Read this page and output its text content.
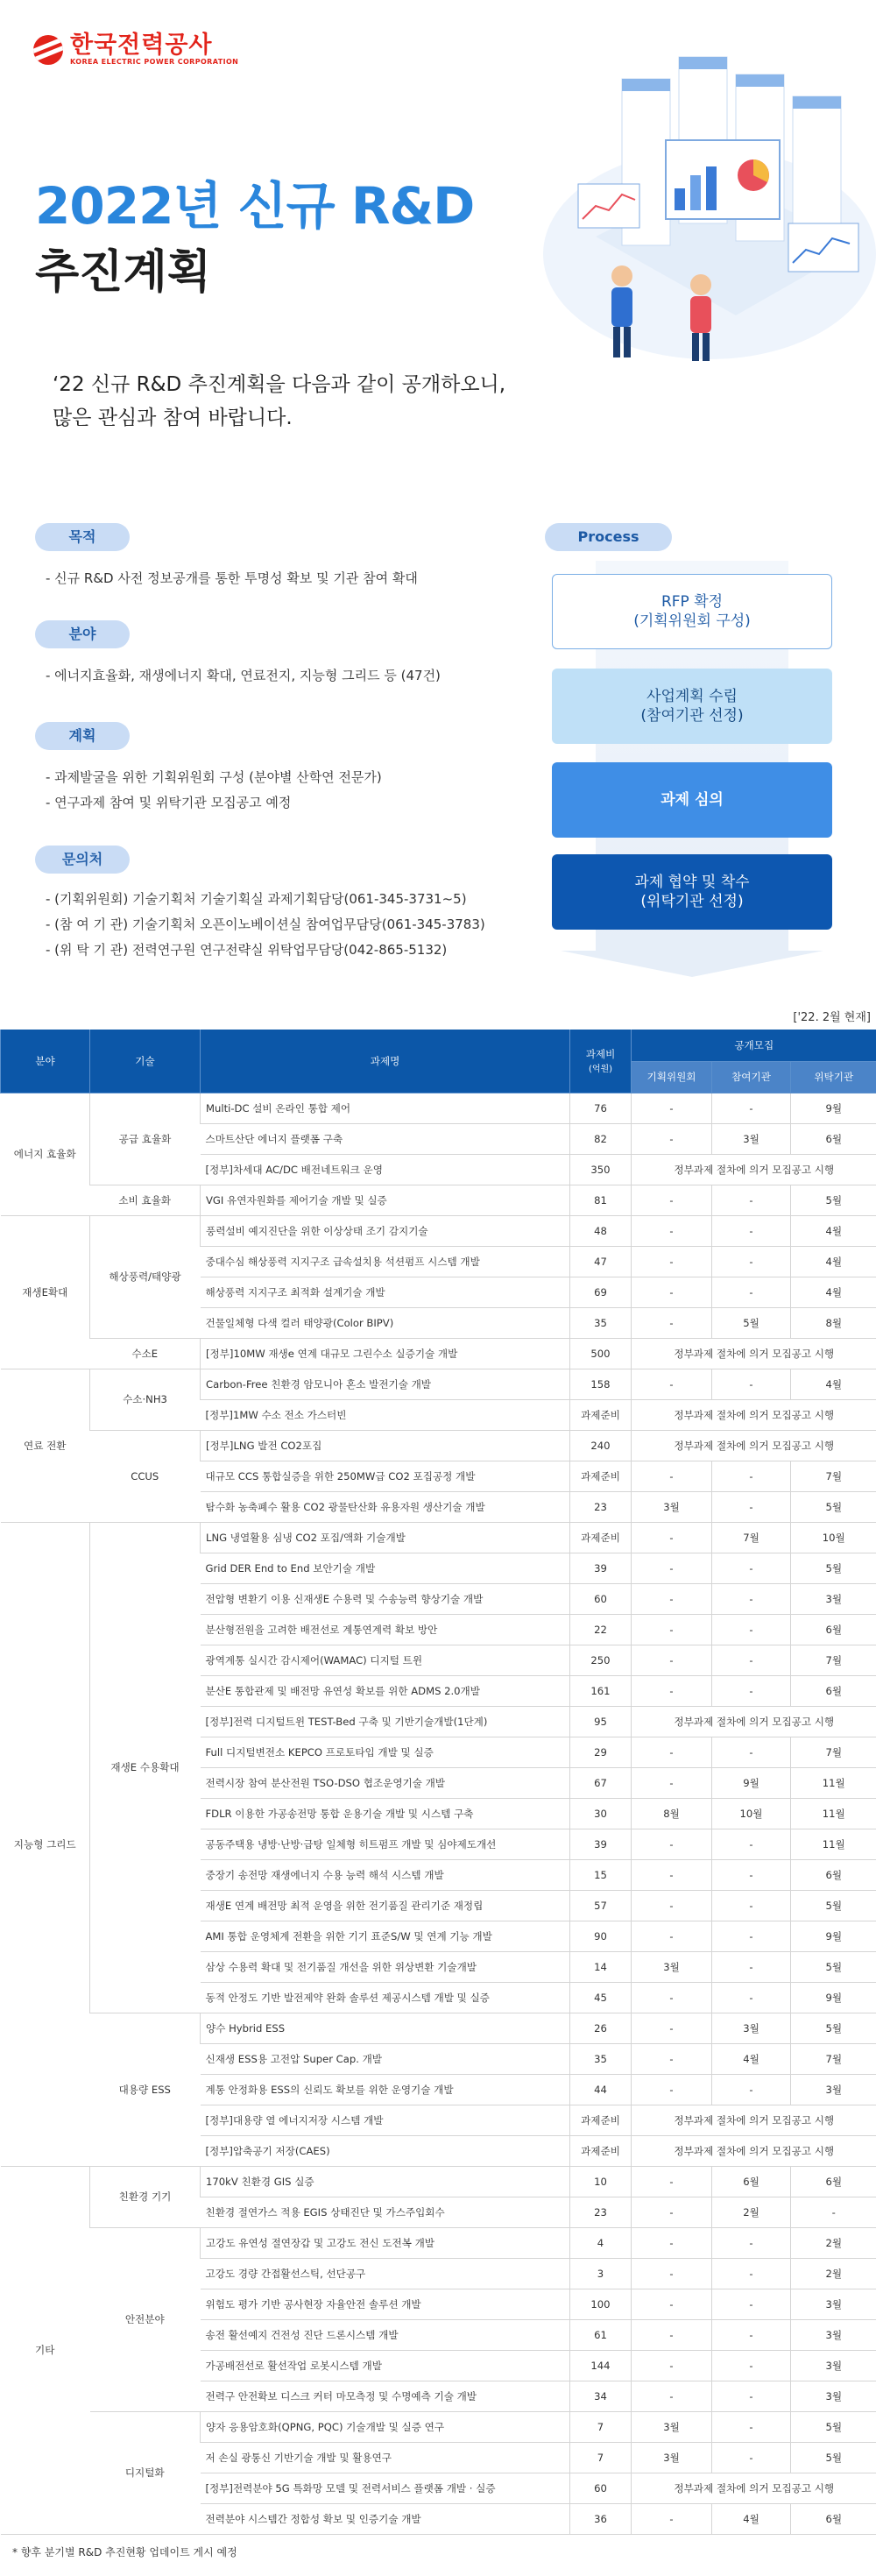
한국전력공사
KOREA ELECTRIC POWER CORPORATION
2022년 신규 R&D
추진계획
‘22 신규 R&D 추진계획을 다음과 같이 공개하오니,
많은 관심과 참여 바랍니다.
목적
- 신규 R&D 사전 정보공개를 통한 투명성 확보 및 기관 참여 확대
분야
- 에너지효율화, 재생에너지 확대, 연료전지, 지능형 그리드 등 (47건)
계획
- 과제발굴을 위한 기획위원회 구성 (분야별 산학연 전문가)
- 연구과제 참여 및 위탁기관 모집공고 예정
문의처
- (기획위원회) 기술기획처 기술기획실 과제기획담당(061-345-3731~5)
- (참 여 기 관) 기술기획처 오픈이노베이션실 참여업무담당(061-345-3783)
- (위 탁 기 관) 전력연구원 연구전략실 위탁업무담당(042-865-5132)
Process
RFP 확정
(기획위원회 구성)
사업계획 수립
(참여기관 선정)
과제 심의
과제 협약 및 착수
(위탁기관 선정)
['22. 2월 현재]
분야	기술	과제명	과제비
(억원)	공개모집		
				기획위원회	참여기관	위탁기관
에너지 효율화	공급 효율화	Multi-DC 설비 온라인 통합 제어	76	-	-	9월
		스마트산단 에너지 플랫폼 구축	82	-	3월	6월
		[정부]차세대 AC/DC 배전네트워크 운영	350	정부과제 절차에 의거 모집공고 시행		
	소비 효율화	VGI 유연자원화를 제어기술 개발 및 실증	81	-	-	5월
재생E확대	해상풍력/태양광	풍력설비 예지진단을 위한 이상상태 조기 감지기술	48	-	-	4월
		중대수심 해상풍력 지지구조 급속설치용 석션펌프 시스템 개발	47	-	-	4월
		해상풍력 지지구조 최적화 설계기술 개발	69	-	-	4월
		건물일체형 다색 컬러 태양광(Color BIPV)	35	-	5월	8월
	수소E	[정부]10MW 재생e 연계 대규모 그린수소 실증기술 개발	500	정부과제 절차에 의거 모집공고 시행		
연료 전환	수소·NH3	Carbon-Free 친환경 암모니아 혼소 발전기술 개발	158	-	-	4월
		[정부]1MW 수소 전소 가스터빈	과제준비	정부과제 절차에 의거 모집공고 시행		
	CCUS	[정부]LNG 발전 CO2포집	240	정부과제 절차에 의거 모집공고 시행		
		대규모 CCS 통합실증을 위한 250MW급 CO2 포집공정 개발	과제준비	-	-	7월
		탐수화 농축폐수 활용 CO2 광물탄산화 유용자원 생산기술 개발	23	3월	-	5월
지능형 그리드	재생E 수용확대	LNG 냉열활용 심냉 CO2 포집/액화 기술개발	과제준비	-	7월	10월
		Grid DER End to End 보안기술 개발	39	-	-	5월
		전압형 변환기 이용 신재생E 수용력 및 수송능력 향상기술 개발	60	-	-	3월
		분산형전원을 고려한 배전선로 계통연계력 확보 방안	22	-	-	6월
		광역계통 실시간 감시제어(WAMAC) 디지털 트윈	250	-	-	7월
		분산E 통합관제 및 배전망 유연성 확보를 위한 ADMS 2.0개발	161	-	-	6월
		[정부]전력 디지털트윈 TEST-Bed 구축 및 기반기술개발(1단계)	95	정부과제 절차에 의거 모집공고 시행		
		Full 디지털변전소 KEPCO 프로토타입 개발 및 실증	29	-	-	7월
		전력시장 참여 분산전원 TSO-DSO 협조운영기술 개발	67	-	9월	11월
		FDLR 이용한 가공송전망 통합 운용기술 개발 및 시스템 구축	30	8월	10월	11월
		공동주택용 냉방·난방·급탕 일체형 히트펌프 개발 및 심야제도개선	39	-	-	11월
		중장기 송전망 재생에너지 수용 능력 해석 시스템 개발	15	-	-	6월
		재생E 연계 배전망 최적 운영을 위한 전기품질 관리기준 재정립	57	-	-	5월
		AMI 통합 운영체계 전환을 위한 기기 표준S/W 및 연계 기능 개발	90	-	-	9월
		삼상 수용력 확대 및 전기품질 개선을 위한 위상변환 기술개발	14	3월	-	5월
		동적 안정도 기반 발전제약 완화 솔루션 제공시스템 개발 및 실증	45	-	-	9월
	대용량 ESS	양수 Hybrid ESS	26	-	3월	5월
		신재생 ESS용 고전압 Super Cap. 개발	35	-	4월	7월
		계통 안정화용 ESS의 신뢰도 확보를 위한 운영기술 개발	44	-	-	3월
		[정부]대용량 열 에너지저장 시스템 개발	과제준비	정부과제 절차에 의거 모집공고 시행		
		[정부]압축공기 저장(CAES)	과제준비	정부과제 절차에 의거 모집공고 시행		
기타	친환경 기기	170kV 친환경 GIS 실증	10	-	6월	6월
		친환경 절연가스 적용 EGIS 상태진단 및 가스주입회수	23	-	2월	-
	안전분야	고강도 유연성 절연장갑 및 고강도 전신 도전복 개발	4	-	-	2월
		고강도 경량 간접활선스틱, 선단공구	3	-	-	2월
		위험도 평가 기반 공사현장 자율안전 솔루션 개발	100	-	-	3월
		송전 활선예지 건전성 진단 드론시스템 개발	61	-	-	3월
		가공배전선로 활선작업 로봇시스템 개발	144	-	-	3월
		전력구 안전확보 디스크 커터 마모측정 및 수명예측 기술 개발	34	-	-	3월
	디지털화	양자 응용암호화(QPNG, PQC) 기술개발 및 실증 연구	7	3월	-	5월
		저 손실 광통신 기반기술 개발 및 활용연구	7	3월	-	5월
		[정부]전력분야 5G 특화망 모델 및 전력서비스 플랫폼 개발 · 실증	60	정부과제 절차에 의거 모집공고 시행		
		전력분야 시스템간 정합성 확보 및 인증기술 개발	36	-	4월	6월
* 향후 분기별 R&D 추진현황 업데이트 게시 예정
